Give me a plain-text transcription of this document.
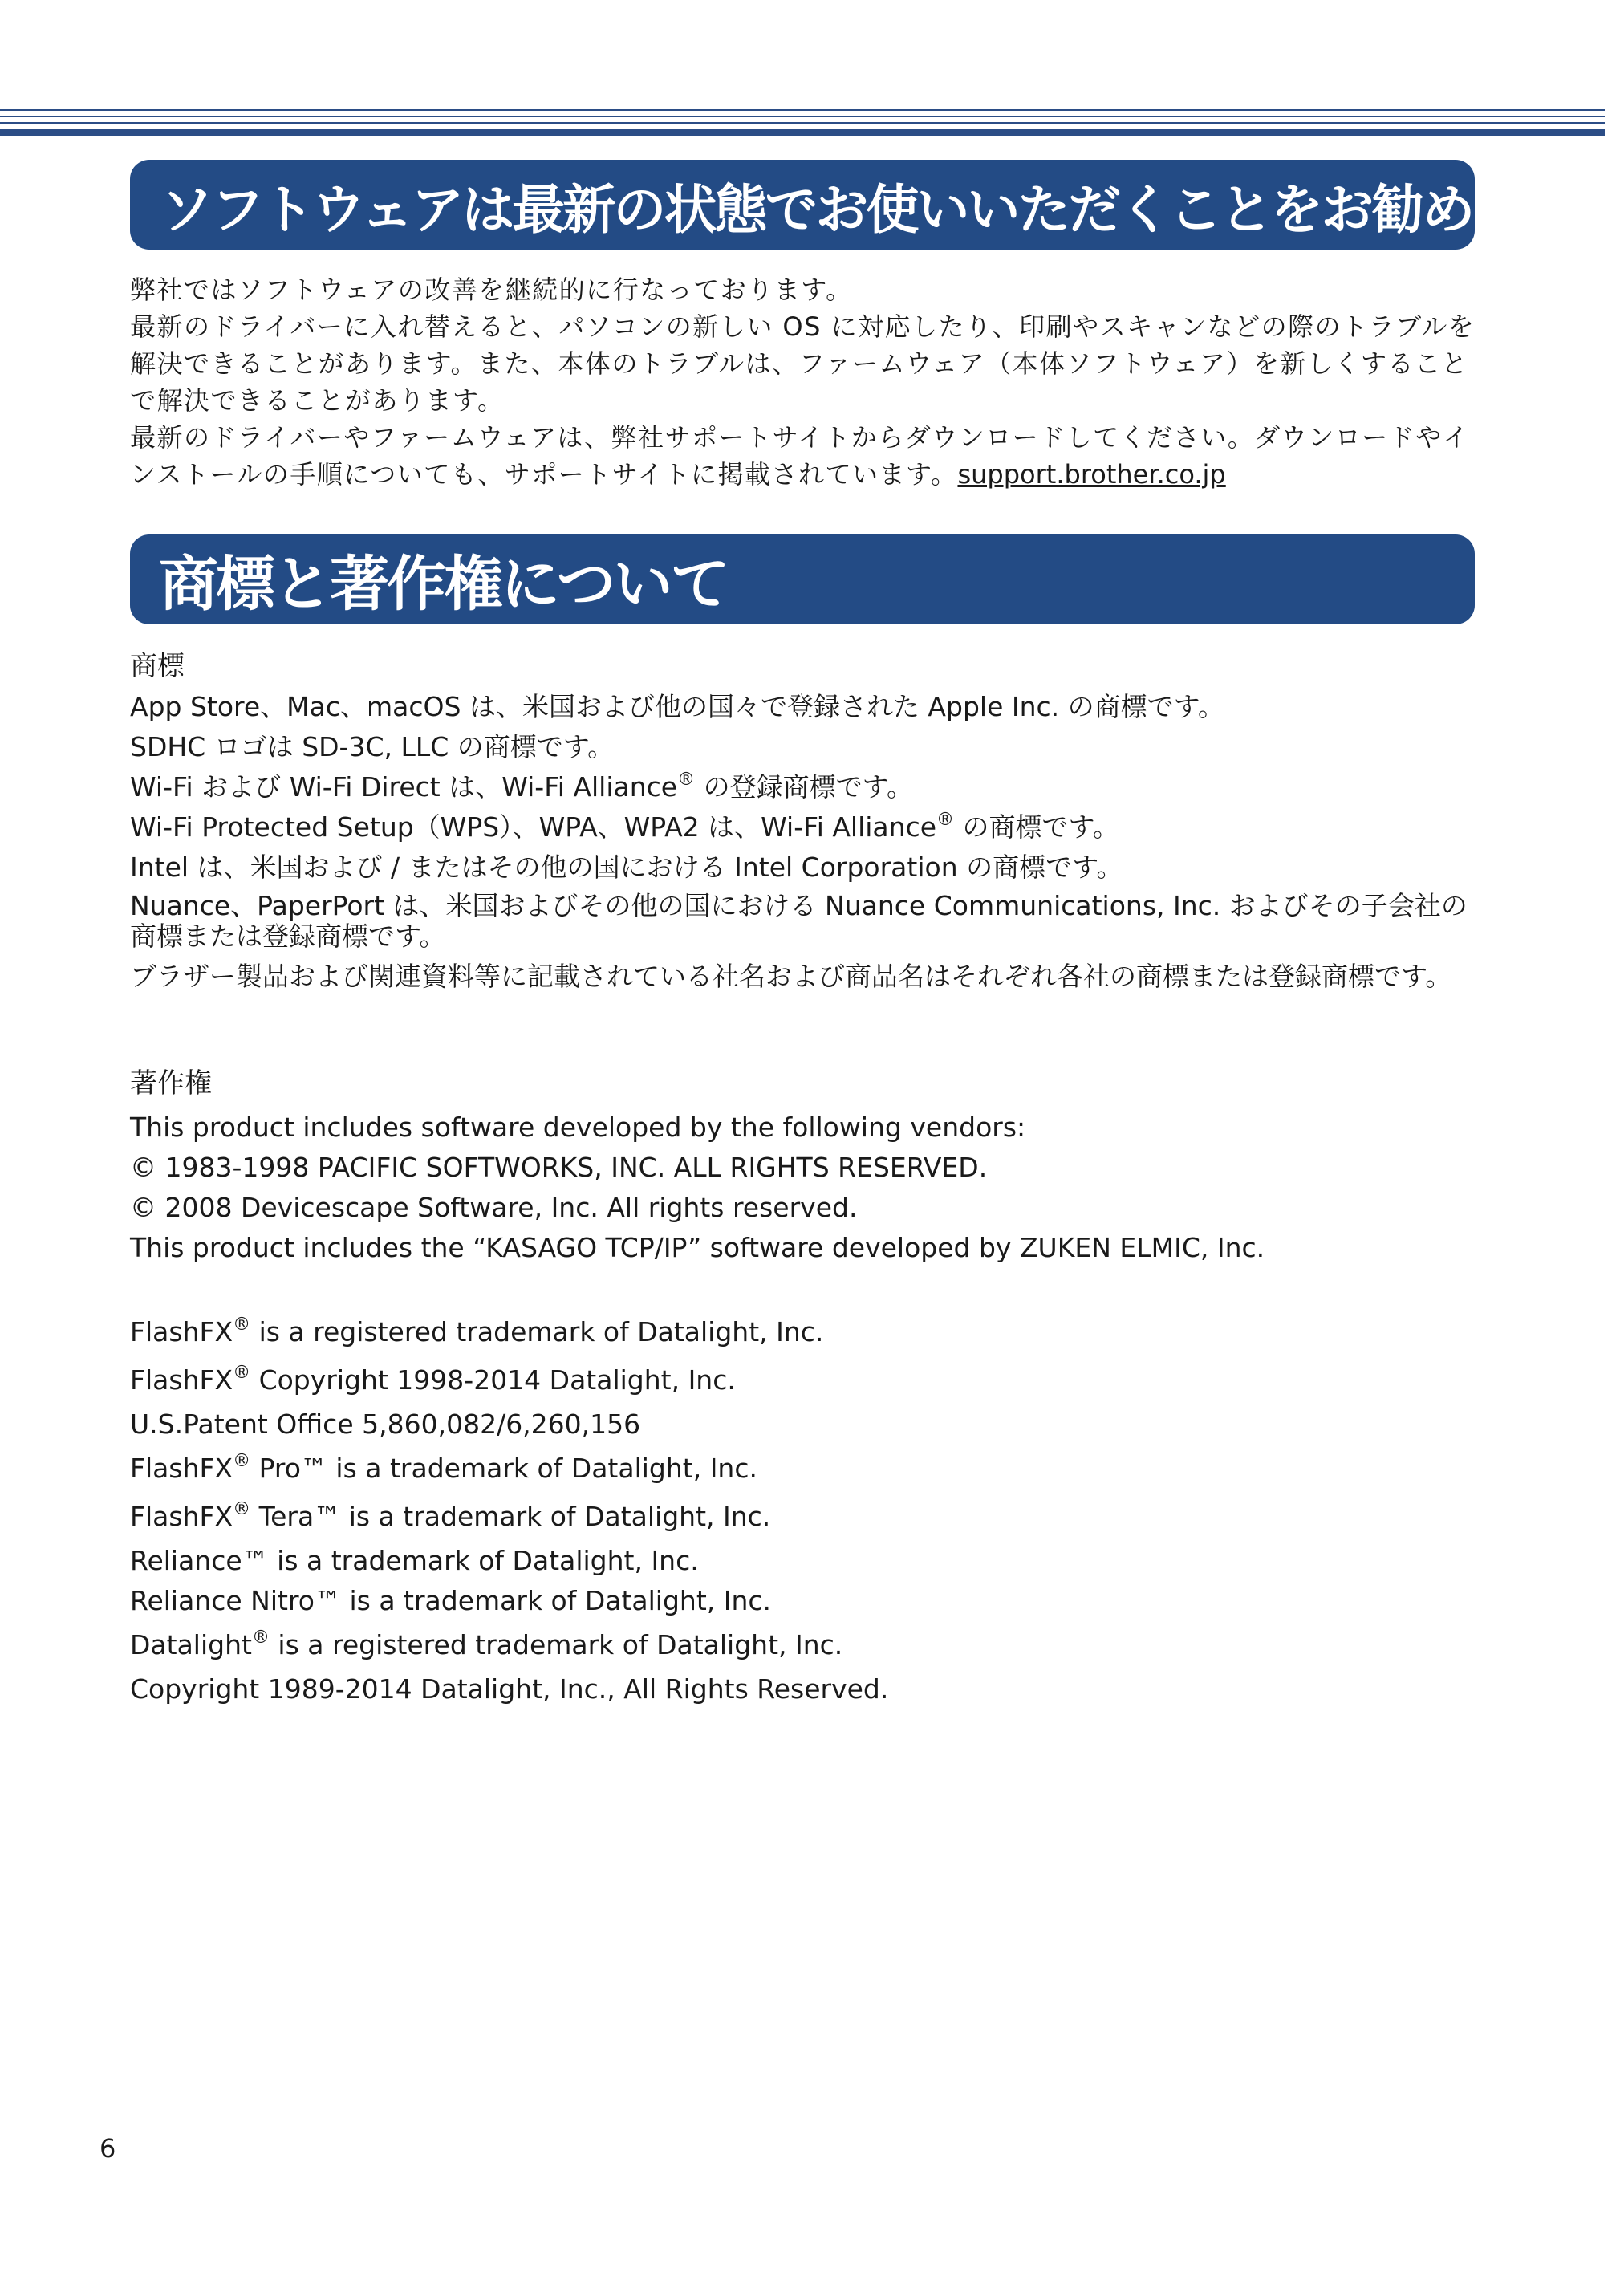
ソフトウェアは最新の状態でお使いいただくことをお勧めします

弊社ではソフトウェアの改善を継続的に行なっております。

最新のドライバーに入れ替えると、パソコンの新しい OS に対応したり、印刷やスキャンなどの際のトラブルを解決できることがあります。また、本体のトラブルは、ファームウェア（本体ソフトウェア）を新しくすることで解決できることがあります。

最新のドライバーやファームウェアは、弊社サポートサイトからダウンロードしてください。ダウンロードやインストールの手順についても、サポートサイトに掲載されています。support.brother.co.jp

商標と著作権について
商標

App Store、Mac、macOS は、米国および他の国々で登録された Apple Inc. の商標です。

SDHC ロゴは SD-3C, LLC の商標です。

Wi-Fi および Wi-Fi Direct は、Wi-Fi Alliance® の登録商標です。

Wi-Fi Protected Setup（WPS）、WPA、WPA2 は、Wi-Fi Alliance® の商標です。

Intel は、米国および / またはその他の国における Intel Corporation の商標です。

Nuance、PaperPort は、米国およびその他の国における Nuance Communications, Inc. およびその子会社の商標または登録商標です。

ブラザー製品および関連資料等に記載されている社名および商品名はそれぞれ各社の商標または登録商標です。

著作権

This product includes software developed by the following vendors:

© 1983-1998 PACIFIC SOFTWORKS, INC. ALL RIGHTS RESERVED.

© 2008 Devicescape Software, Inc. All rights reserved.

This product includes the “KASAGO TCP/IP” software developed by ZUKEN ELMIC, Inc.

FlashFX® is a registered trademark of Datalight, Inc.

FlashFX® Copyright 1998-2014 Datalight, Inc.

U.S.Patent Office 5,860,082/6,260,156

FlashFX® Pro™ is a trademark of Datalight, Inc.

FlashFX® Tera™ is a trademark of Datalight, Inc.

Reliance™ is a trademark of Datalight, Inc.

Reliance Nitro™ is a trademark of Datalight, Inc.

Datalight® is a registered trademark of Datalight, Inc.

Copyright 1989-2014 Datalight, Inc., All Rights Reserved.

6
